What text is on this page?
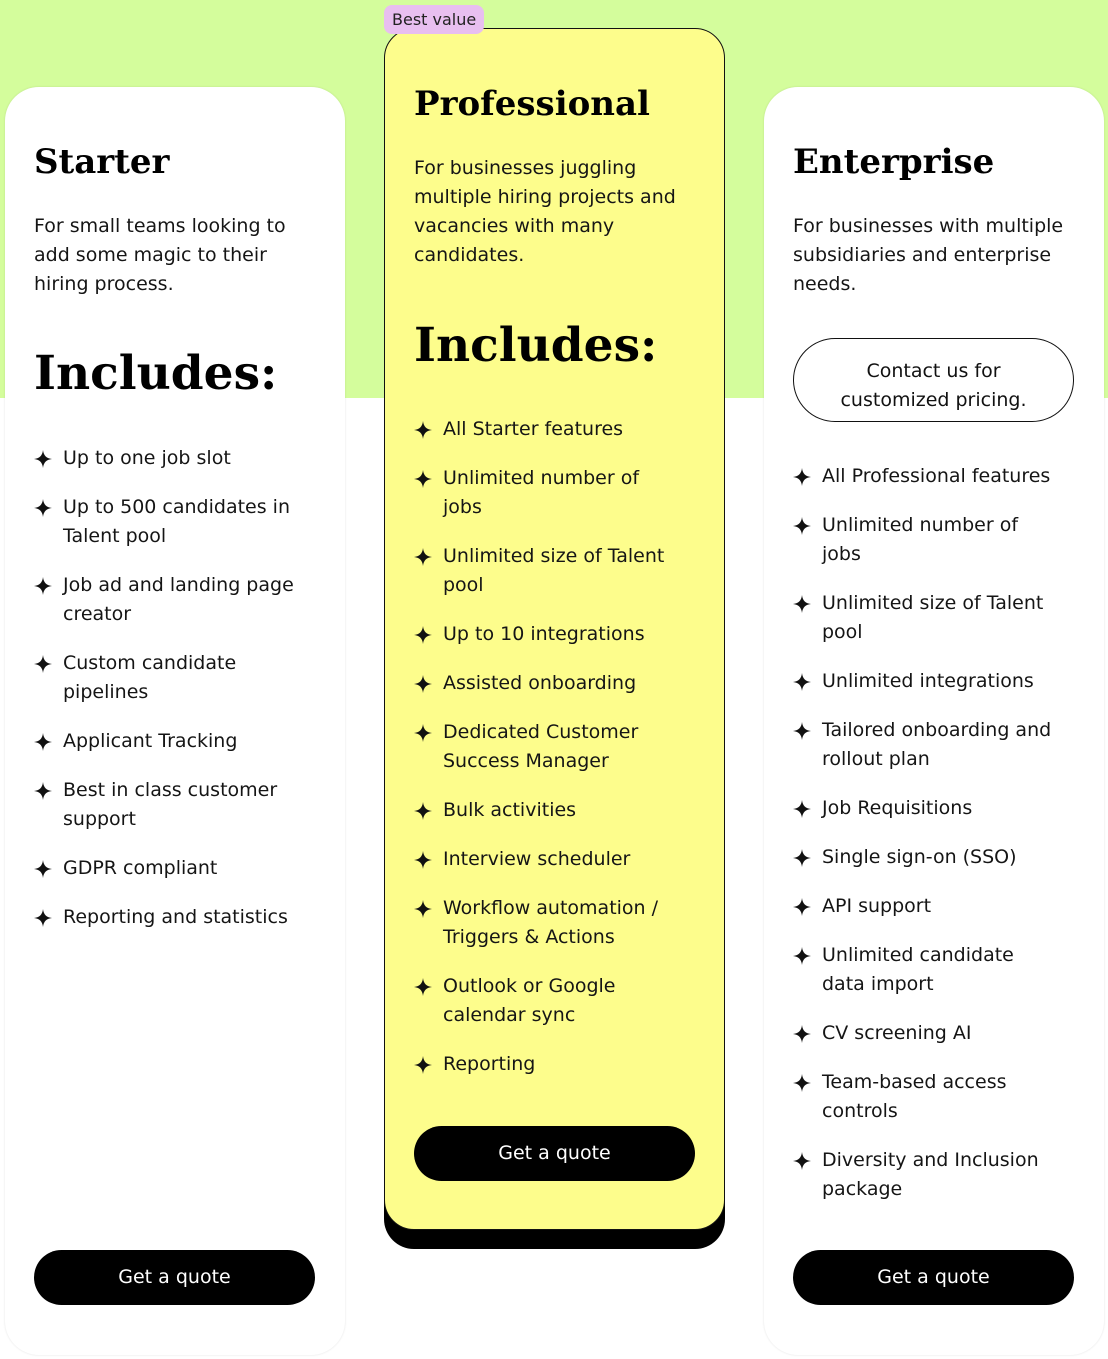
Starter

For small teams looking to add some magic to their hiring process.

Includes:
Up to one job slot
Up to 500 candidates in Talent pool
Job ad and landing page creator
Custom candidate pipelines
Applicant Tracking
Best in class customer support
GDPR compliant
Reporting and statistics
Get a quote
Best value
Professional

For businesses juggling multiple hiring projects and vacancies with many candidates.

Includes:
All Starter features
Unlimited number of jobs
Unlimited size of Talent pool
Up to 10 integrations
Assisted onboarding
Dedicated Customer Success Manager
Bulk activities
Interview scheduler
Workflow automation / Triggers & Actions
Outlook or Google calendar sync
Reporting
Get a quote
Enterprise

For businesses with multiple subsidiaries and enterprise needs.

Contact us for customized pricing.
All Professional features
Unlimited number of jobs
Unlimited size of Talent pool
Unlimited integrations
Tailored onboarding and rollout plan
Job Requisitions
Single sign-on (SSO)
API support
Unlimited candidate data import
CV screening AI
Team-based access controls
Diversity and Inclusion package
Get a quote
